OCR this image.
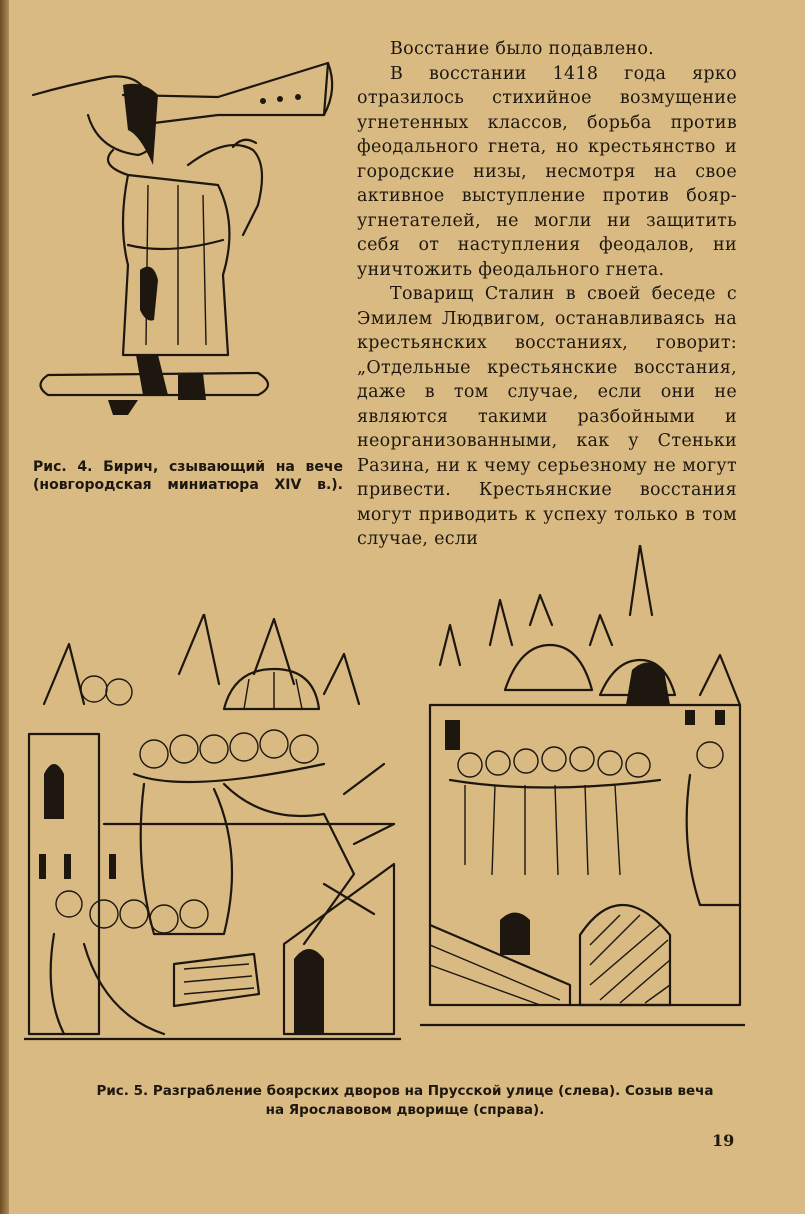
Рис. 4. Бирич, сзывающий на вече
(новгородская миниатюра XIV в.).

Восстание было подавлено.

В восстании 1418 года ярко отразилось стихийное возмущение угнетенных классов, борьба против феодального гнета, но крестьянство и городские низы, несмотря на свое активное выступление против бояр-угнетателей, не могли ни защитить себя от наступления феодалов, ни уничтожить феодального гнета.

Товарищ Сталин в своей беседе с Эмилем Людвигом, останавливаясь на крестьянских восстаниях, говорит: „Отдельные крестьянские восстания, даже в том случае, если они не являются такими разбойными и неорганизованными, как у Стеньки Разина, ни к чему серьезному не могут привести. Крестьянские восстания могут приводить к успеху только в том случае, если

Рис. 5. Разграбление боярских дворов на Прусской улице (слева). Созыв веча
на Ярославовом дворище (справа).
19
